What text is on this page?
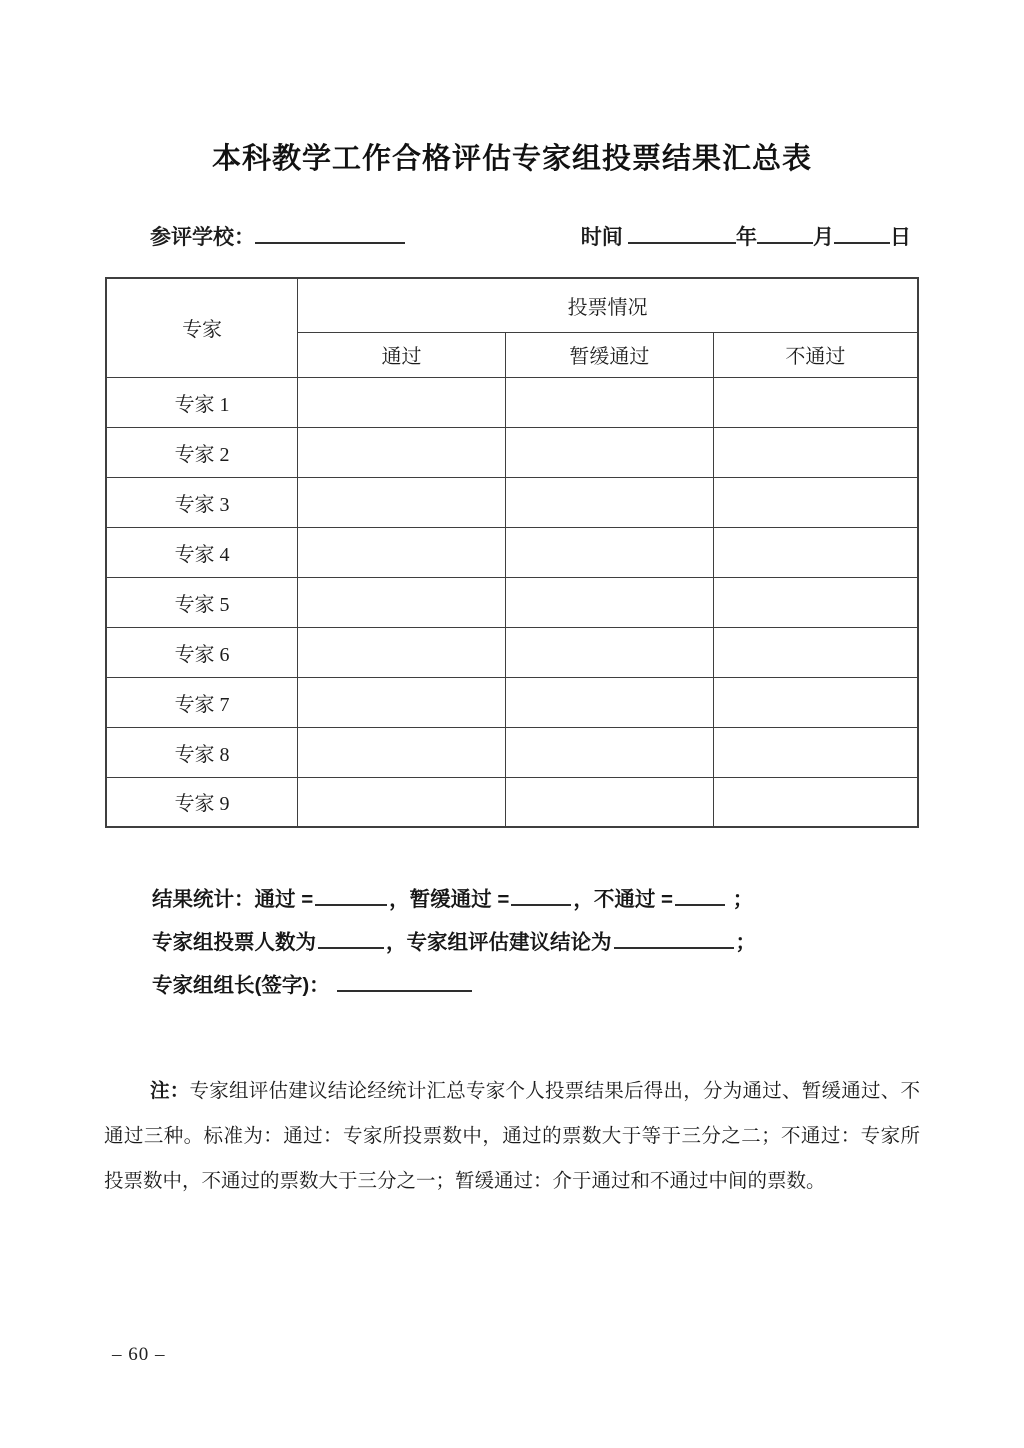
本科教学工作合格评估专家组投票结果汇总表
参评学校：	时间	年	月	日
专家	投票情况		
	通过	暂缓通过	不通过
专家 1			
专家 2			
专家 3			
专家 4			
专家 5			
专家 6			
专家 7			
专家 8			
专家 9			
结果统计：通过 =	，暂缓通过 =	，不通过 =	；
专家组投票人数为	，专家组评估建议结论为	；
专家组组长(签字)：

注：专家组评估建议结论经统计汇总专家个人投票结果后得出，分为通过、暂缓通过、不通过三种。标准为：通过：专家所投票数中，通过的票数大于等于三分之二；不通过：专家所投票数中，不通过的票数大于三分之一；暂缓通过：介于通过和不通过中间的票数。

– 60 –
